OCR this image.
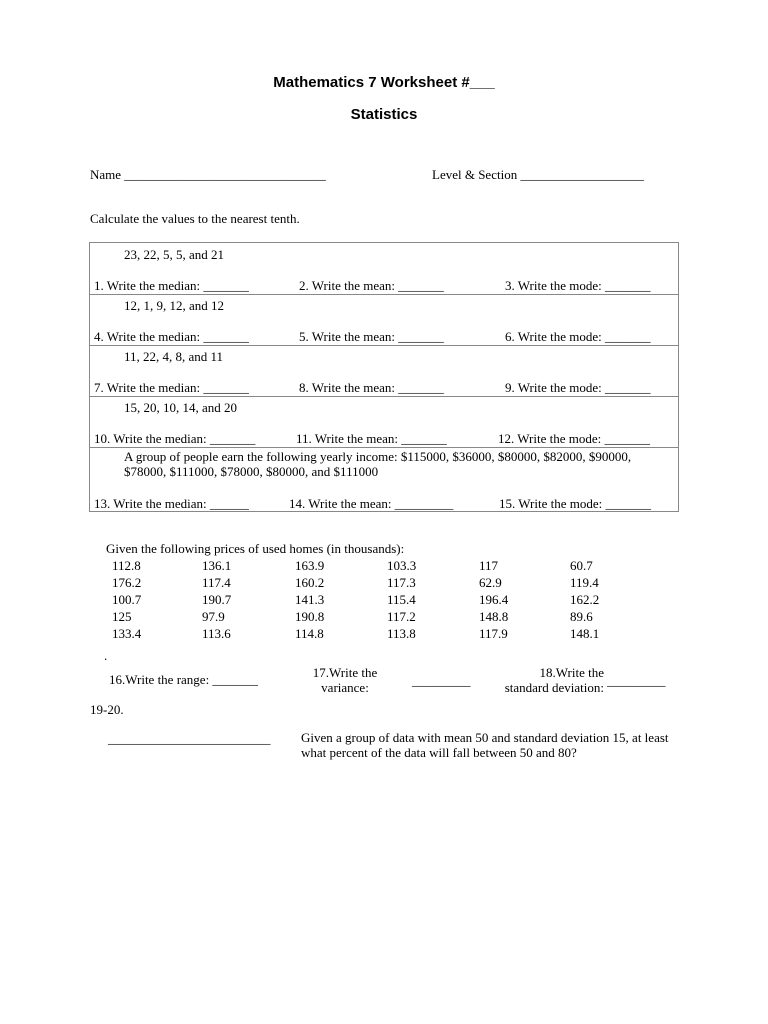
Mathematics 7 Worksheet #___
Statistics
Name _______________________________	Level & Section ___________________
Calculate the values to the nearest tenth.
23, 22, 5, 5, and 21
1. Write the median: _______	2. Write the mean: _______	3. Write the mode: _______
12, 1, 9, 12, and 12
4. Write the median: _______	5. Write the mean: _______	6. Write the mode: _______
11, 22, 4, 8, and 11
7. Write the median: _______	8. Write the mean: _______	9. Write the mode: _______
15, 20, 10, 14, and 20
10. Write the median: _______	11. Write the mean: _______	12. Write the mode: _______
A group of people earn the following yearly income: $115000, $36000, $80000, $82000, $90000, $78000, $111000, $78000, $80000, and $111000
13. Write the median: ______	14. Write the mean: _________	15. Write the mode: _______
Given the following prices of used homes (in thousands):
112.8	136.1	163.9	103.3	117	60.7
176.2	117.4	160.2	117.3	62.9	119.4
100.7	190.7	141.3	115.4	196.4	162.2
125	97.9	190.8	117.2	148.8	89.6
133.4	113.6	114.8	113.8	117.9	148.1
.
16.Write the range: _______	17.Write the
variance:	_________
18.Write the
standard deviation: _________
19-20.
_________________________ Given a group of data with mean 50 and standard deviation 15, at least what percent of the data will fall between 50 and 80?
